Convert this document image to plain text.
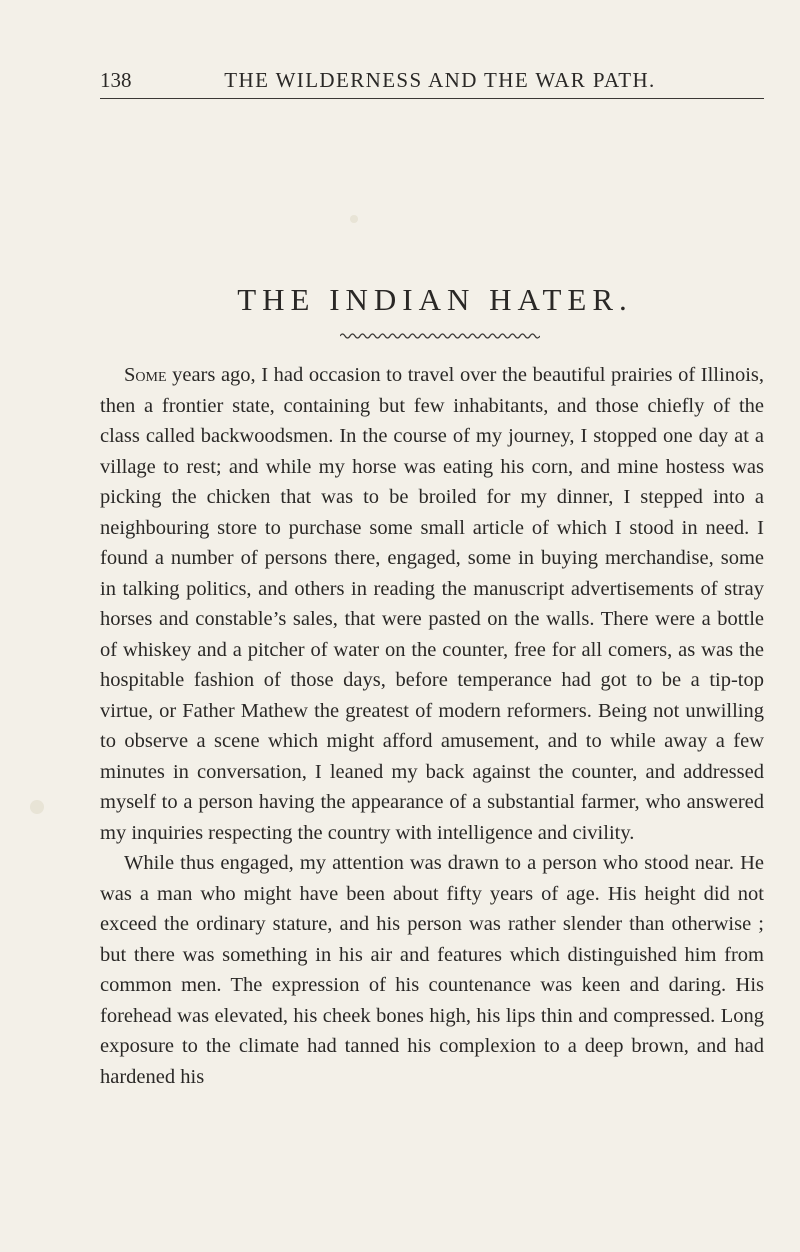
138	THE WILDERNESS AND THE WAR PATH.
THE INDIAN HATER.

Some years ago, I had occasion to travel over the beautiful prairies of Illinois, then a frontier state, containing but few inhabitants, and those chiefly of the class called backwoodsmen. In the course of my journey, I stopped one day at a village to rest; and while my horse was eating his corn, and mine hostess was picking the chicken that was to be broiled for my dinner, I stepped into a neighbouring store to purchase some small article of which I stood in need. I found a number of persons there, engaged, some in buying merchandise, some in talking politics, and others in reading the manuscript advertisements of stray horses and constable’s sales, that were pasted on the walls. There were a bottle of whiskey and a pitcher of water on the counter, free for all comers, as was the hospitable fashion of those days, before temperance had got to be a tip-top virtue, or Father Mathew the greatest of modern reformers. Being not unwilling to observe a scene which might afford amusement, and to while away a few minutes in conversation, I leaned my back against the counter, and addressed myself to a person having the appearance of a substantial farmer, who answered my inquiries respecting the country with intelligence and civility.

While thus engaged, my attention was drawn to a person who stood near. He was a man who might have been about fifty years of age. His height did not exceed the ordinary stature, and his person was rather slender than otherwise ; but there was something in his air and features which distinguished him from common men. The expression of his countenance was keen and daring. His forehead was elevated, his cheek bones high, his lips thin and compressed. Long exposure to the climate had tanned his complexion to a deep brown, and had hardened his
